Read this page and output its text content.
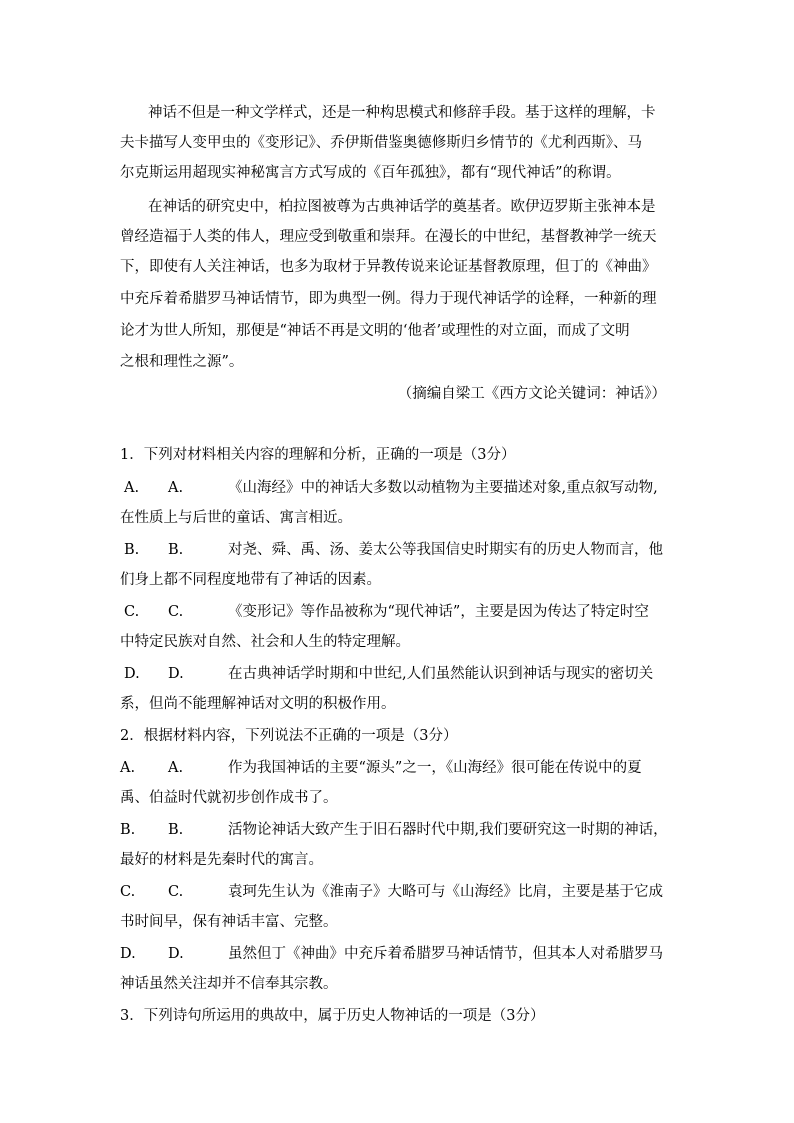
神话不但是一种文学样式，还是一种构思模式和修辞手段。基于这样的理解，卡
夫卡描写人变甲虫的《变形记》、乔伊斯借鉴奥德修斯归乡情节的《尤利西斯》、马
尔克斯运用超现实神秘寓言方式写成的《百年孤独》，都有“现代神话”的称谓。
在神话的研究史中，柏拉图被尊为古典神话学的奠基者。欧伊迈罗斯主张神本是
曾经造福于人类的伟人，理应受到敬重和崇拜。在漫长的中世纪，基督教神学一统天
下，即使有人关注神话，也多为取材于异教传说来论证基督教原理，但丁的《神曲》
中充斥着希腊罗马神话情节，即为典型一例。得力于现代神话学的诠释，一种新的理
论才为世人所知，那便是“神话不再是文明的‘他者’或理性的对立面，而成了文明
之根和理性之源”。
（摘编自梁工《西方文论关键词：神话》）
1．下列对材料相关内容的理解和分析，正确的一项是（3分）
A. A.	《山海经》中的神话大多数以动植物为主要描述对象,重点叙写动物,
在性质上与后世的童话、寓言相近。
B. B.	对尧、舜、禹、汤、姜太公等我国信史时期实有的历史人物而言，他
们身上都不同程度地带有了神话的因素。
C. C.	《变形记》等作品被称为“现代神话”，主要是因为传达了特定时空
中特定民族对自然、社会和人生的特定理解。
D. D.	在古典神话学时期和中世纪,人们虽然能认识到神话与现实的密切关
系，但尚不能理解神话对文明的积极作用。
2．根据材料内容，下列说法不正确的一项是（3分）
A. A.	作为我国神话的主要“源头”之一，《山海经》很可能在传说中的夏
禹、伯益时代就初步创作成书了。
B. B.	活物论神话大致产生于旧石器时代中期,我们要研究这一时期的神话，
最好的材料是先秦时代的寓言。
C. C.	袁珂先生认为《淮南子》大略可与《山海经》比肩，主要是基于它成
书时间早，保有神话丰富、完整。
D. D.	虽然但丁《神曲》中充斥着希腊罗马神话情节，但其本人对希腊罗马
神话虽然关注却并不信奉其宗教。
3．下列诗句所运用的典故中，属于历史人物神话的一项是（3分）
